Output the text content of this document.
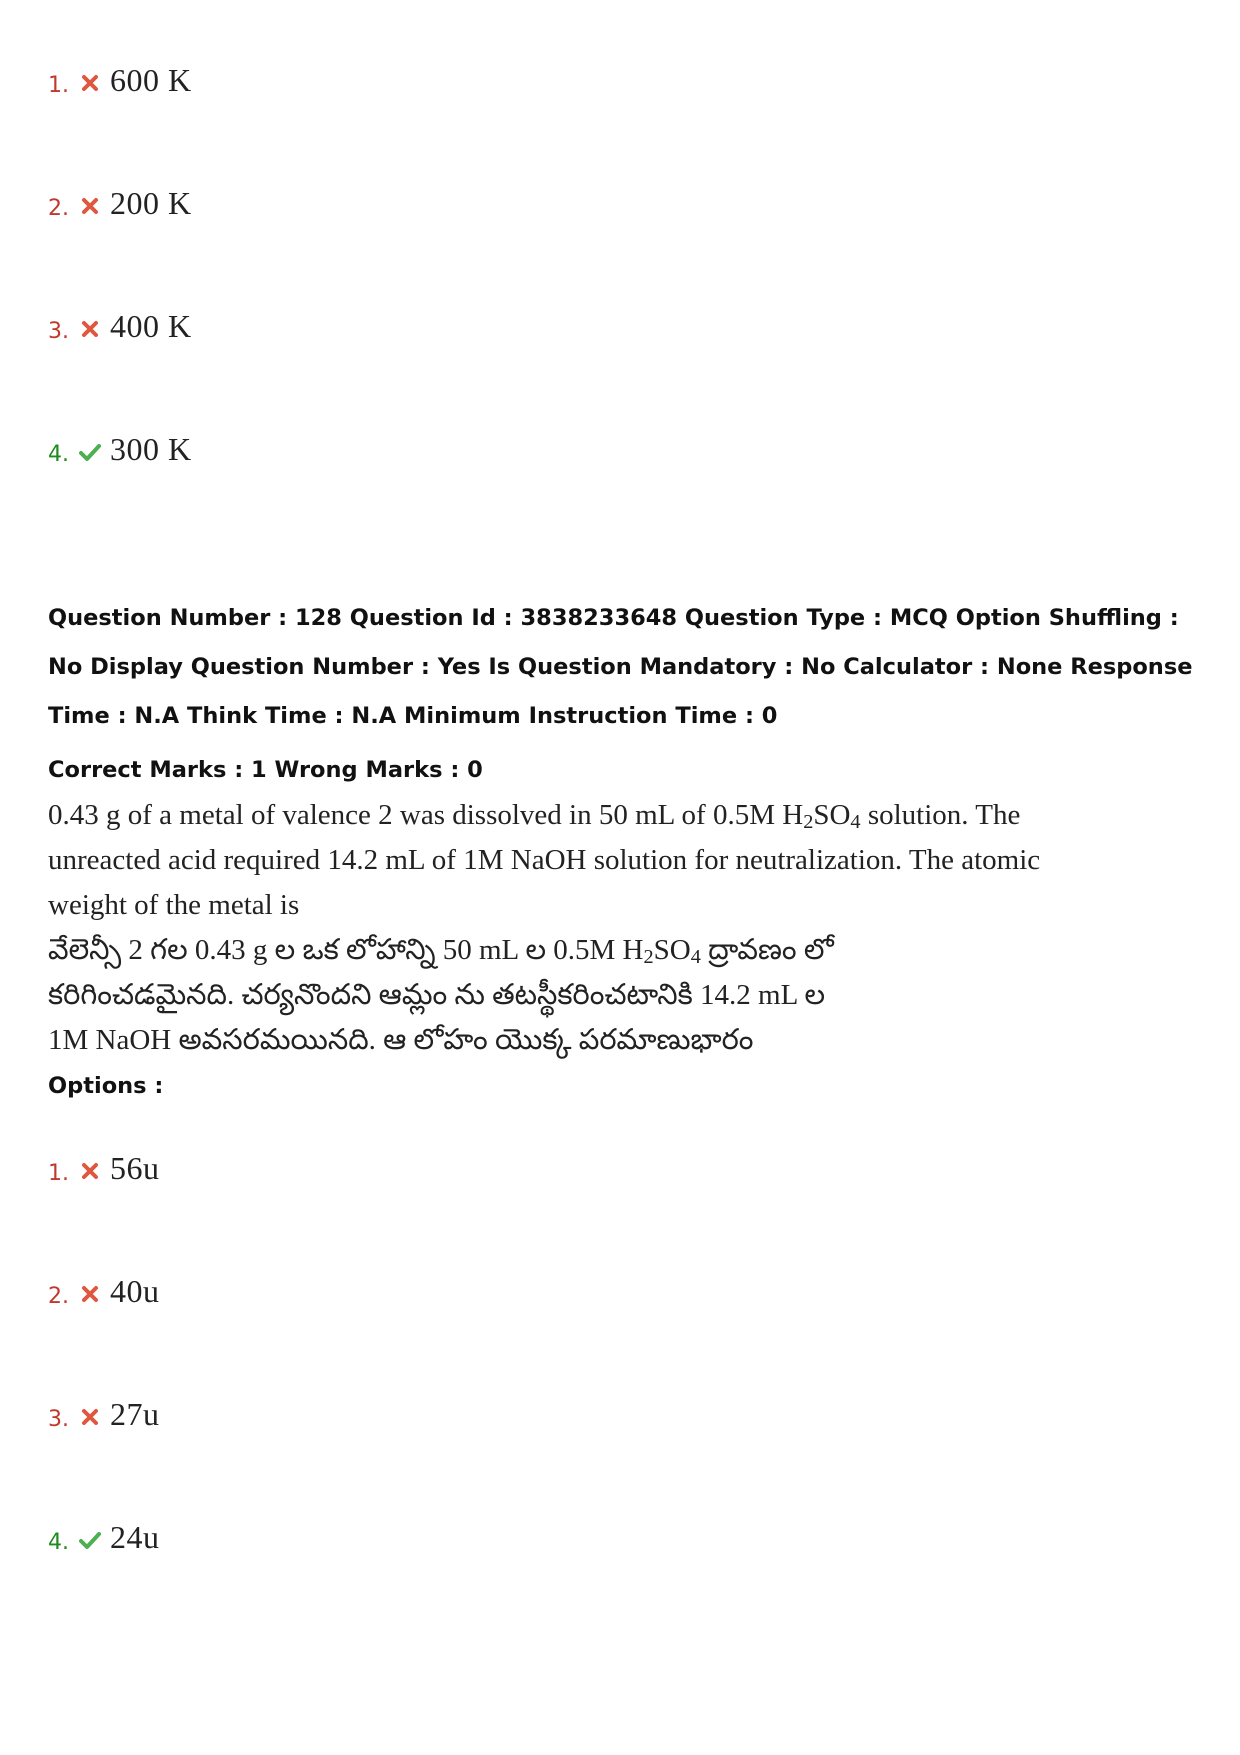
1. 600 K
2. 200 K
3. 400 K
4. 300 K
Question Number : 128 Question Id : 3838233648 Question Type : MCQ Option Shuffling : No Display Question Number : Yes Is Question Mandatory : No Calculator : None Response Time : N.A Think Time : N.A Minimum Instruction Time : 0
Correct Marks : 1 Wrong Marks : 0

0.43 g of a metal of valence 2 was dissolved in 50 mL of 0.5M H2SO4 solution. The unreacted acid required 14.2 mL of 1M NaOH solution for neutralization. The atomic weight of the metal is

వేలెన్సీ 2 గల 0.43 g ల ఒక లోహాన్ని 50 mL ల 0.5M H2SO4 ద్రావణం లో కరిగించడమైనది. చర్యనొందని ఆమ్లం ను తటస్థీకరించటానికి 14.2 mL ల 1M NaOH అవసరమయినది. ఆ లోహం యొక్క పరమాణుభారం

Options :
1. 56u
2. 40u
3. 27u
4. 24u
